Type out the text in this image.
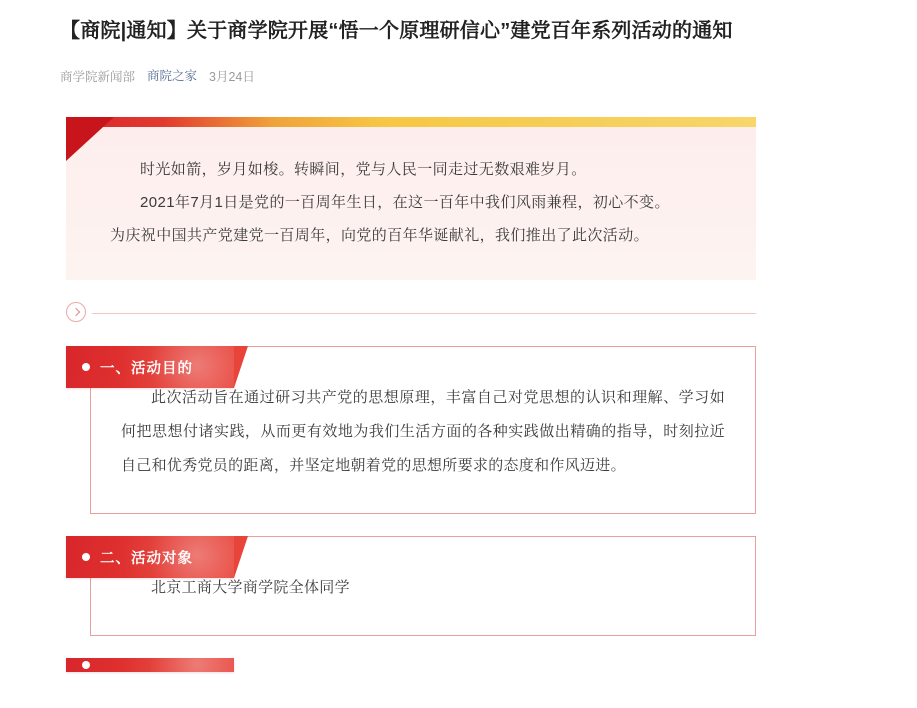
【商院|通知】关于商学院开展“悟一个原理研信心”建党百年系列活动的通知
商学院新闻部 商院之家 3月24日

时光如箭，岁月如梭。转瞬间，党与人民一同走过无数艰难岁月。

2021年7月1日是党的一百周年生日，在这一百年中我们风雨兼程，初心不变。

为庆祝中国共产党建党一百周年，向党的百年华诞献礼，我们推出了此次活动。

一、活动目的

此次活动旨在通过研习共产党的思想原理，丰富自己对党思想的认识和理解、学习如何把思想付诸实践，从而更有效地为我们生活方面的各种实践做出精确的指导，时刻拉近自己和优秀党员的距离，并坚定地朝着党的思想所要求的态度和作风迈进。

二、活动对象

北京工商大学商学院全体同学
